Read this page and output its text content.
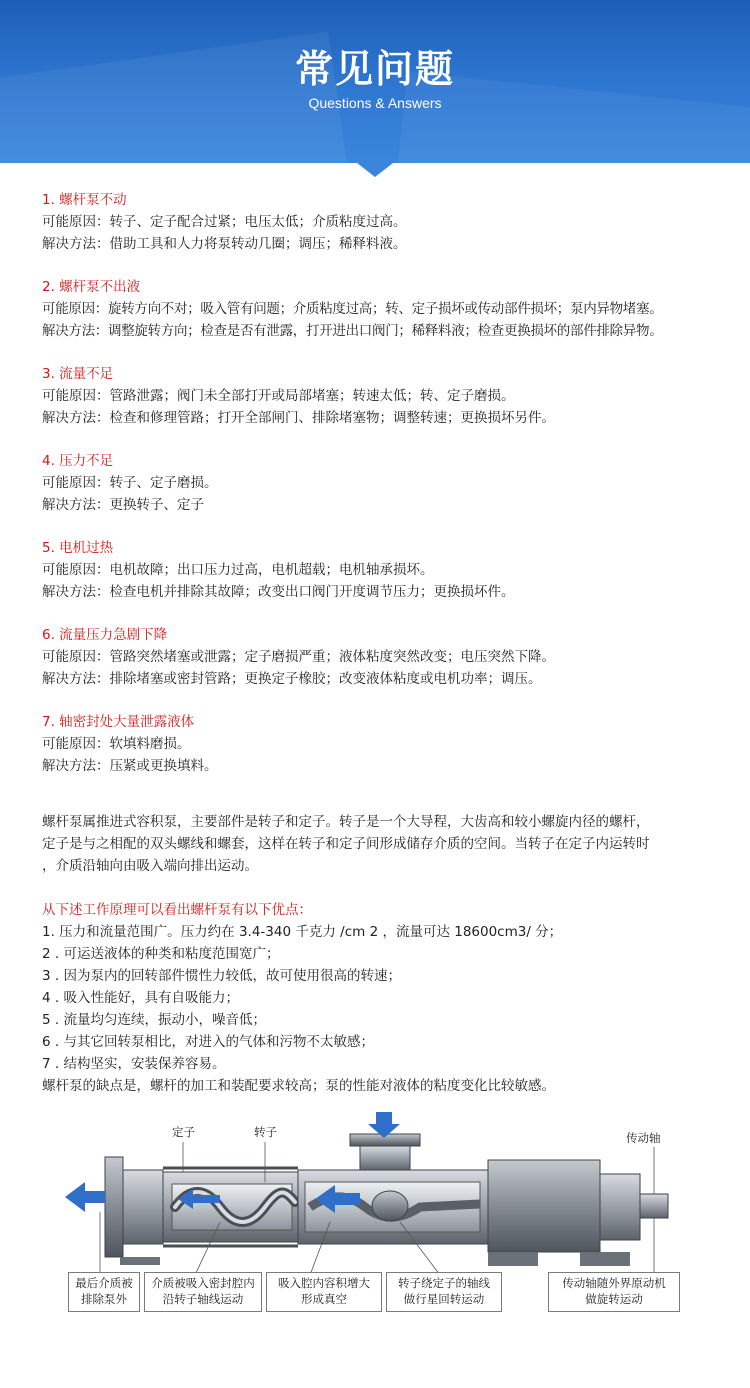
常见问题
Questions & Answers
1. 螺杆泵不动
可能原因：转子、定子配合过紧；电压太低；介质粘度过高。
解决方法：借助工具和人力将泵转动几圈；调压；稀释料液。
2. 螺杆泵不出液
可能原因：旋转方向不对；吸入管有问题；介质粘度过高；转、定子损坏或传动部件损坏；泵内异物堵塞。
解决方法：调整旋转方向；检查是否有泄露，打开进出口阀门；稀释料液；检查更换损坏的部件排除异物。
3. 流量不足
可能原因：管路泄露；阀门未全部打开或局部堵塞；转速太低；转、定子磨损。
解决方法：检查和修理管路；打开全部闸门、排除堵塞物；调整转速；更换损坏另件。
4. 压力不足
可能原因：转子、定子磨损。
解决方法：更换转子、定子
5. 电机过热
可能原因：电机故障；出口压力过高，电机超载；电机轴承损坏。
解决方法：检查电机并排除其故障；改变出口阀门开度调节压力；更换损坏件。
6. 流量压力急剧下降
可能原因：管路突然堵塞或泄露；定子磨损严重；液体粘度突然改变；电压突然下降。
解决方法：排除堵塞或密封管路；更换定子橡胶；改变液体粘度或电机功率；调压。
7. 轴密封处大量泄露液体
可能原因：软填料磨损。
解决方法：压紧或更换填料。
螺杆泵属推进式容积泵，主要部件是转子和定子。转子是一个大导程，大齿高和较小螺旋内径的螺杆，
定子是与之相配的双头螺线和螺套，这样在转子和定子间形成储存介质的空间。当转子在定子内运转时
，介质沿轴向由吸入端向排出运动。
从下述工作原理可以看出螺杆泵有以下优点：
1. 压力和流量范围广。压力约在 3.4-340 千克力 /cm 2 ，流量可达 18600cm3/ 分；
2 . 可运送液体的种类和粘度范围宽广；
3 . 因为泵内的回转部件惯性力较低，故可使用很高的转速；
4 . 吸入性能好，具有自吸能力；
5 . 流量均匀连续，振动小，噪音低；
6 . 与其它回转泵相比，对进入的气体和污物不太敏感；
7 . 结构坚实，安装保养容易。
螺杆泵的缺点是，螺杆的加工和装配要求较高；泵的性能对液体的粘度变化比较敏感。
定子	转子	传动轴
最后介质被
排除泵外
介质被吸入密封腔内
沿转子轴线运动
吸入腔内容积增大
形成真空
转子绕定子的轴线
做行星回转运动
传动轴随外界原动机
做旋转运动
